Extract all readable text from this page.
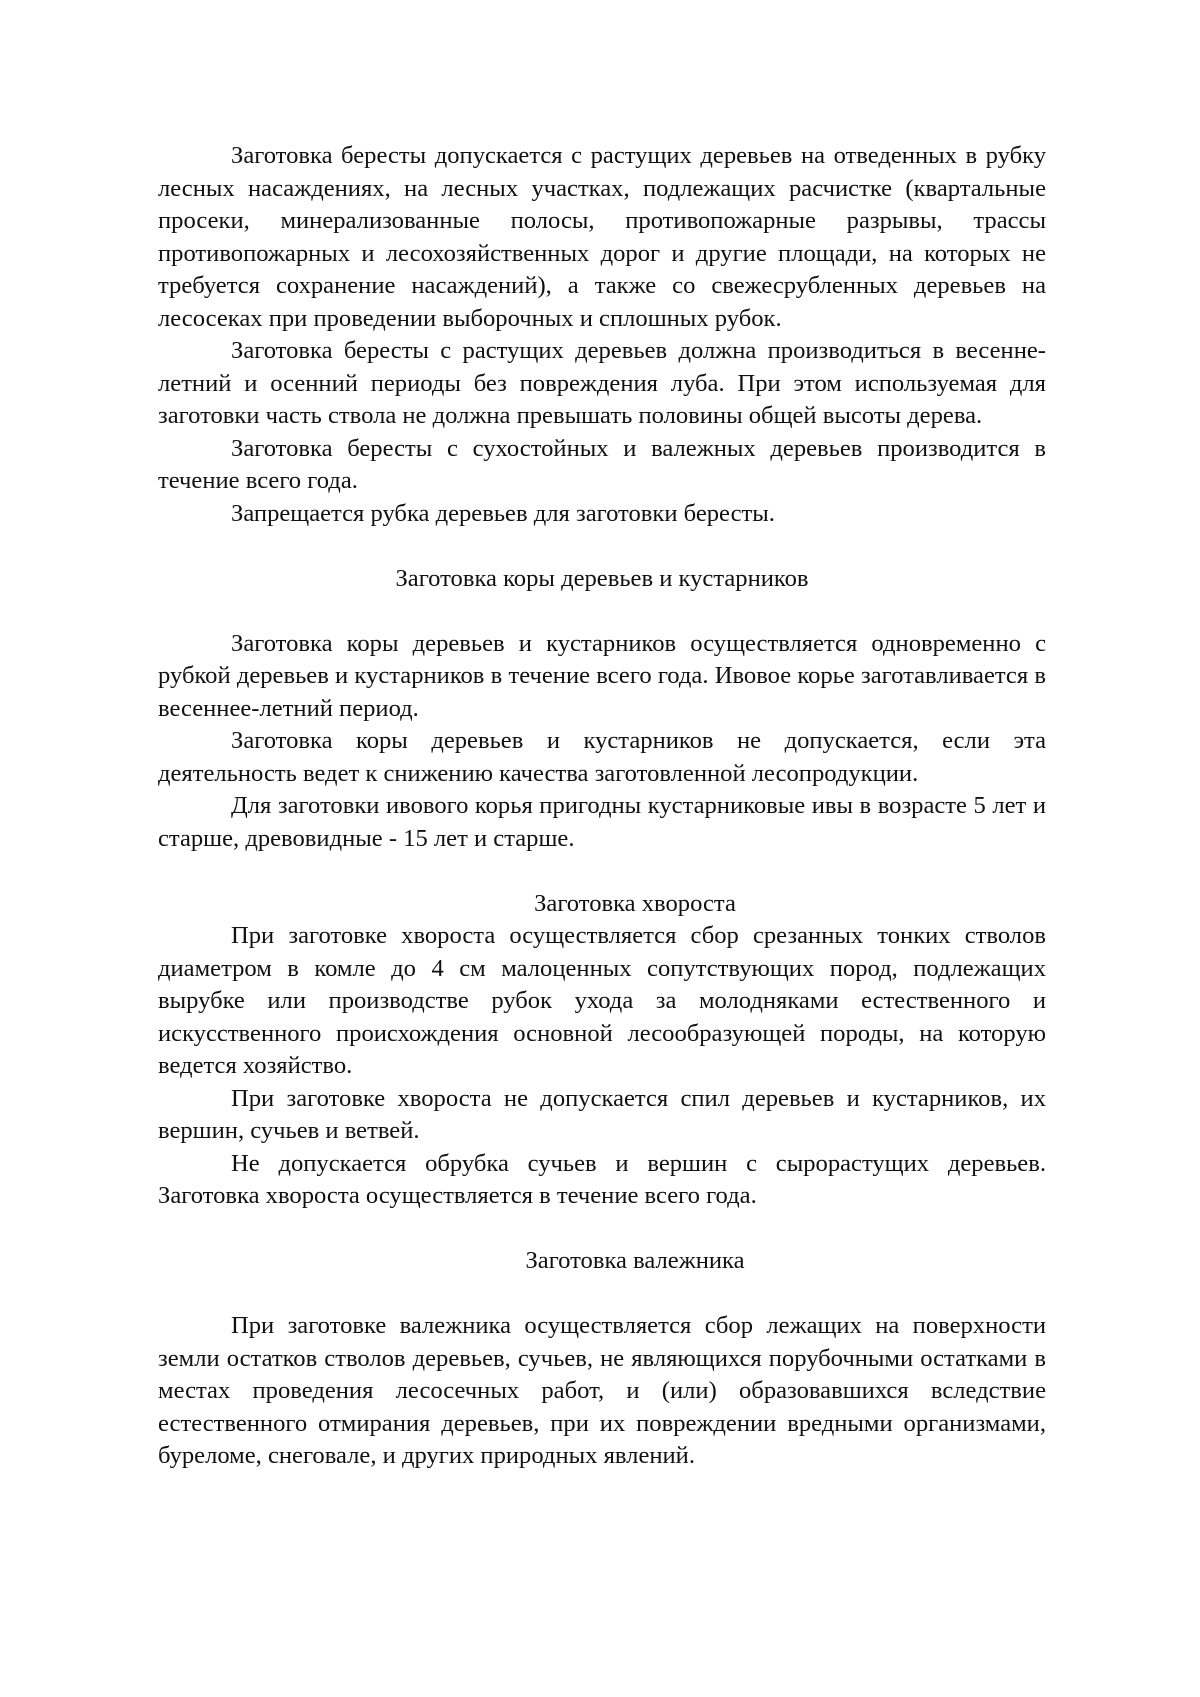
Заготовка бересты допускается с растущих деревьев на отведенных в рубку лесных насаждениях, на лесных участках, подлежащих расчистке (квартальные просеки, минерализованные полосы, противопожарные разрывы, трассы противопожарных и лесохозяйственных дорог и другие площади, на которых не требуется сохранение насаждений), а также со свежесрубленных деревьев на лесосеках при проведении выборочных и сплошных рубок.

Заготовка бересты с растущих деревьев должна производиться в весенне-летний и осенний периоды без повреждения луба. При этом используемая для заготовки часть ствола не должна превышать половины общей высоты дерева.

Заготовка бересты с сухостойных и валежных деревьев производится в течение всего года.

Запрещается рубка деревьев для заготовки бересты.

Заготовка коры деревьев и кустарников

Заготовка коры деревьев и кустарников осуществляется одновременно с рубкой деревьев и кустарников в течение всего года. Ивовое корье заготавливается в весеннее-летний период.

Заготовка коры деревьев и кустарников не допускается, если эта деятельность ведет к снижению качества заготовленной лесопродукции.

Для заготовки ивового корья пригодны кустарниковые ивы в возрасте 5 лет и старше, древовидные - 15 лет и старше.

Заготовка хвороста

При заготовке хвороста осуществляется сбор срезанных тонких стволов диаметром в комле до 4 см малоценных сопутствующих пород, подлежащих вырубке или производстве рубок ухода за молодняками естественного и искусственного происхождения основной лесообразующей породы, на которую ведется хозяйство.

При заготовке хвороста не допускается спил деревьев и кустарников, их вершин, сучьев и ветвей.

Не допускается обрубка сучьев и вершин с сырорастущих деревьев. Заготовка хвороста осуществляется в течение всего года.

Заготовка валежника

При заготовке валежника осуществляется сбор лежащих на поверхности земли остатков стволов деревьев, сучьев, не являющихся порубочными остатками в местах проведения лесосечных работ, и (или) образовавшихся вследствие естественного отмирания деревьев, при их повреждении вредными организмами, буреломе, снеговале, и других природных явлений.
